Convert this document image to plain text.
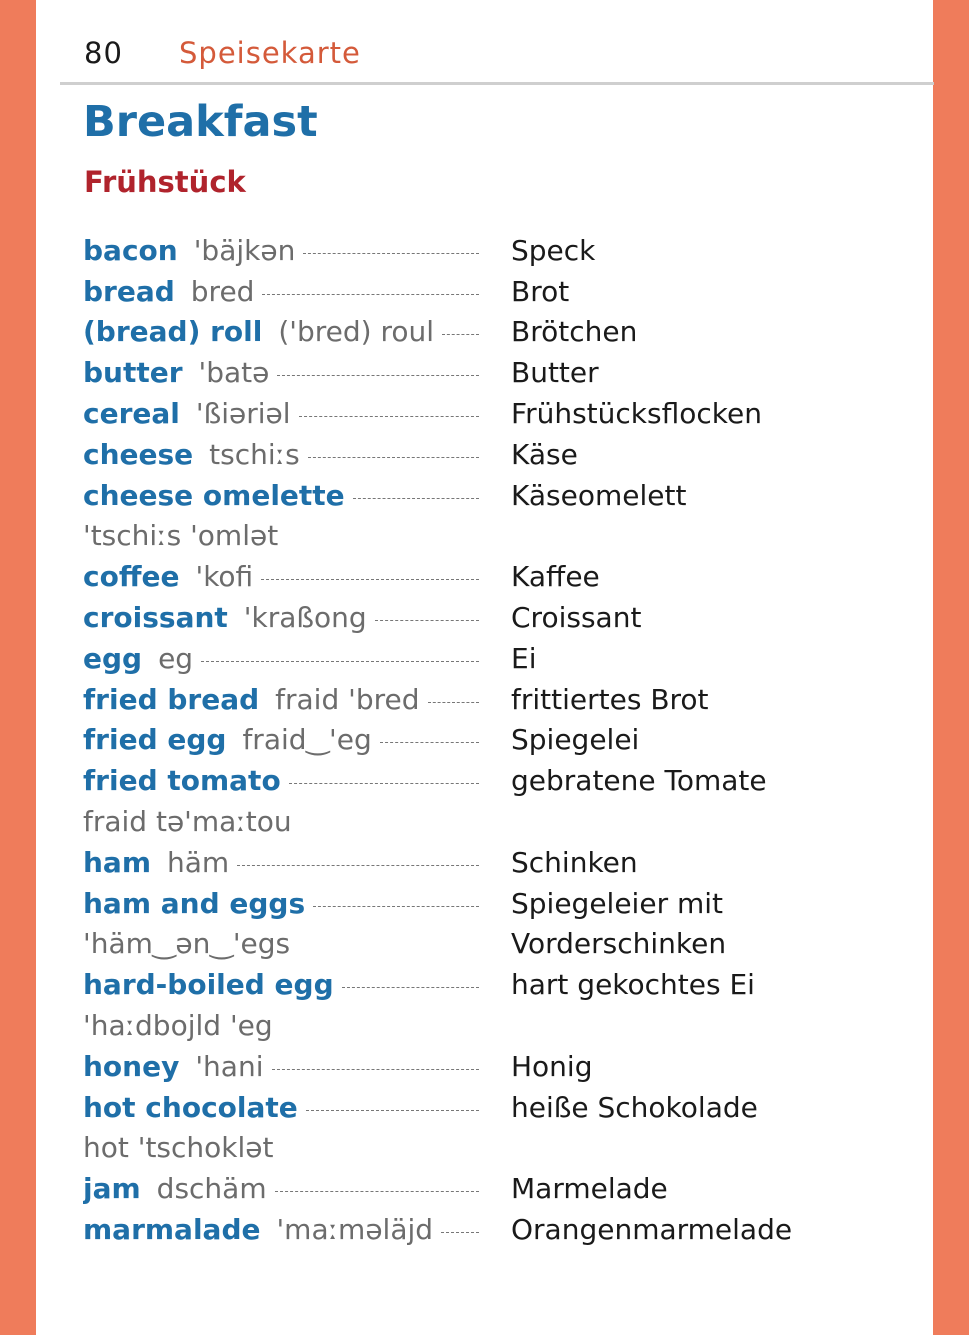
80 Speisekarte
Breakfast
Frühstück
bacon 'bäjkən	Speck
bread bred	Brot
(bread) roll ('bred) roul	Brötchen
butter 'batə	Butter
cereal 'ßiəriəl	Frühstücksflocken
cheese tschiːs	Käse
cheese omelette	Käseomelett
'tschiːs 'omlət
coffee 'kofi	Kaffee
croissant 'kraßong	Croissant
egg eg	Ei
fried bread fraid 'bred	frittiertes Brot
fried egg fraid‿'eg	Spiegelei
fried tomato	gebratene Tomate
fraid tə'maːtou
ham häm	Schinken
ham and eggs	Spiegeleier mit
'häm‿ən‿'egs	Vorderschinken
hard-boiled egg	hart gekochtes Ei
'haːdbojld 'eg
honey 'hani	Honig
hot chocolate	heiße Schokolade
hot 'tschoklət
jam dschäm	Marmelade
marmalade 'maːməläjd	Orangenmarmelade
